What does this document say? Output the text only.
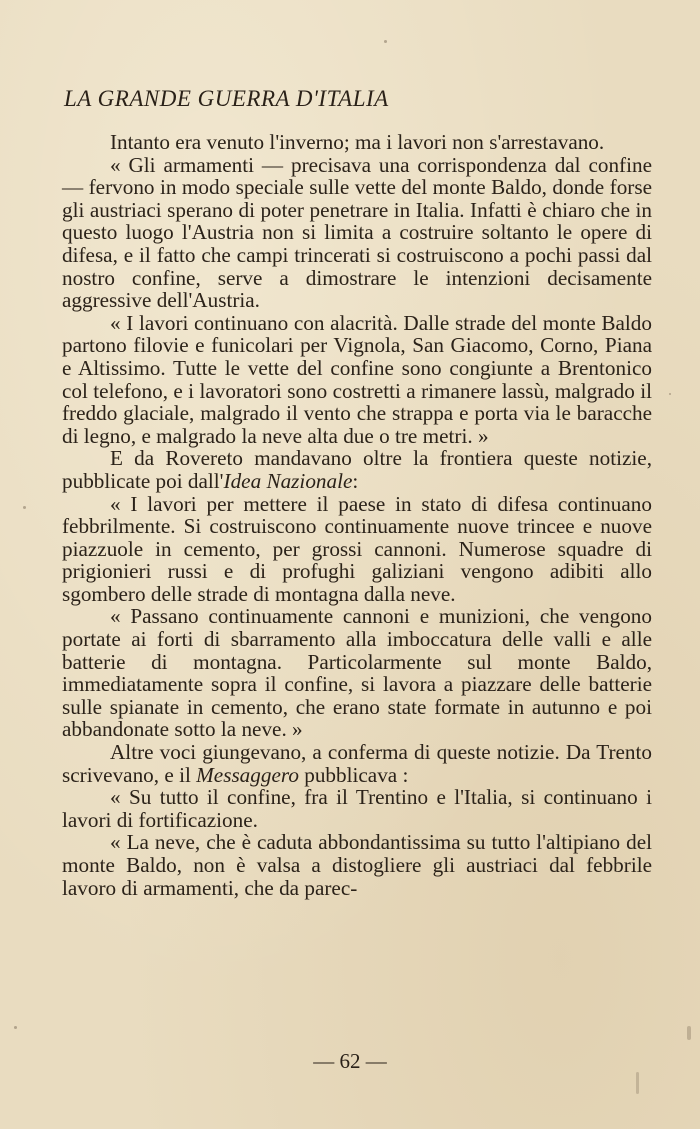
LA GRANDE GUERRA D'ITALIA

Intanto era venuto l'inverno; ma i lavori non s'arrestavano.

« Gli armamenti — precisava una corrispondenza dal confine — fervono in modo speciale sulle vette del monte Baldo, donde forse gli austriaci sperano di poter penetrare in Italia. Infatti è chiaro che in questo luogo l'Austria non si limita a costruire soltanto le opere di difesa, e il fatto che campi trincerati si costruiscono a pochi passi dal nostro confine, serve a dimostrare le intenzioni decisamente aggressive dell'Austria.

« I lavori continuano con alacrità. Dalle strade del monte Baldo partono filovie e funicolari per Vignola, San Giacomo, Corno, Piana e Altissimo. Tutte le vette del confine sono congiunte a Brentonico col telefono, e i lavoratori sono costretti a rimanere lassù, malgrado il freddo glaciale, malgrado il vento che strappa e porta via le baracche di legno, e malgrado la neve alta due o tre metri. »

E da Rovereto mandavano oltre la frontiera queste notizie, pubblicate poi dall'Idea Nazionale:

« I lavori per mettere il paese in stato di difesa continuano febbrilmente. Si costruiscono continuamente nuove trincee e nuove piazzuole in cemento, per grossi cannoni. Numerose squadre di prigionieri russi e di profughi galiziani vengono adibiti allo sgombero delle strade di montagna dalla neve.

« Passano continuamente cannoni e munizioni, che vengono portate ai forti di sbarramento alla imboccatura delle valli e alle batterie di montagna. Particolarmente sul monte Baldo, immediatamente sopra il confine, si lavora a piazzare delle batterie sulle spianate in cemento, che erano state formate in autunno e poi abbandonate sotto la neve. »

Altre voci giungevano, a conferma di queste notizie. Da Trento scrivevano, e il Messaggero pubblicava :

« Su tutto il confine, fra il Trentino e l'Italia, si continuano i lavori di fortificazione.

« La neve, che è caduta abbondantissima su tutto l'altipiano del monte Baldo, non è valsa a distogliere gli austriaci dal febbrile lavoro di armamenti, che da parec-

— 62 —
